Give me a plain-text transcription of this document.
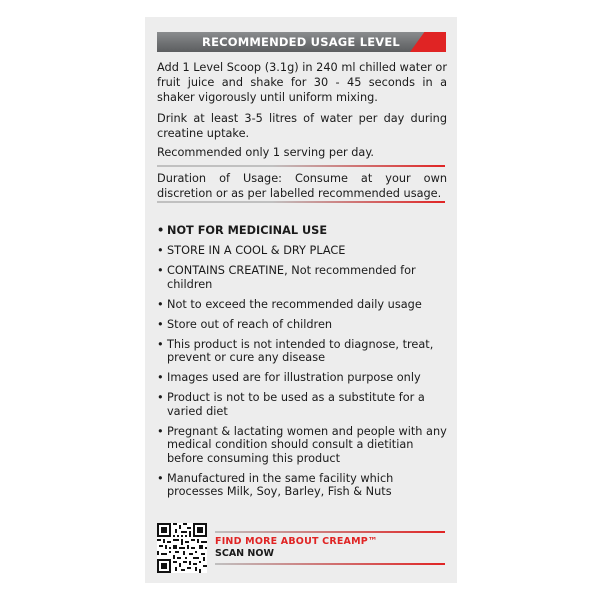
RECOMMENDED USAGE LEVEL
Add 1 Level Scoop (3.1g) in 240 ml chilled water or fruit juice and shake for 30 - 45 seconds in a shaker vigorously until uniform mixing.
Drink at least 3-5 litres of water per day during creatine uptake.
Recommended only 1 serving per day.
Duration of Usage: Consume at your own discretion or as per labelled recommended usage.
• NOT FOR MEDICINAL USE
• STORE IN A COOL & DRY PLACE
• CONTAINS CREATINE, Not recommended for children
• Not to exceed the recommended daily usage
• Store out of reach of children
• This product is not intended to diagnose, treat, prevent or cure any disease
• Images used are for illustration purpose only
• Product is not to be used as a substitute for a varied diet
• Pregnant & lactating women and people with any medical condition should consult a dietitian before consuming this product
• Manufactured in the same facility which processes Milk, Soy, Barley, Fish & Nuts
FIND MORE ABOUT CREAMP™
SCAN NOW
